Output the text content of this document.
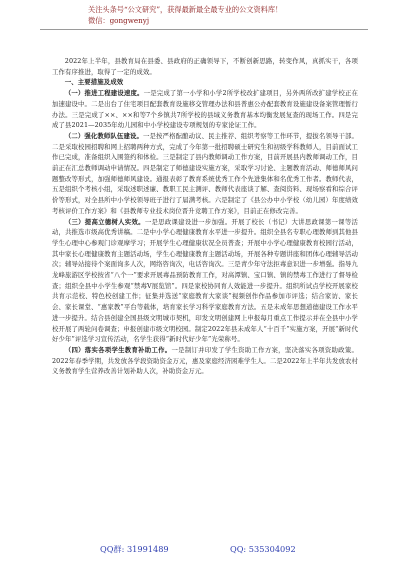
关注头条号“公文研究”，获得最新最全最专业的公文资料库！
微信：gongwenyj

2022年上半年，县教育局在县委、县政府的正确领导下，不断创新思路，转变作风，真抓实干，各项工作有序推进，取得了一定的成效。

一、主要措施及成效

（一）推进工程建设速度。一是完成了第一小学和小学2所学校改扩建项目，另外两所改扩建学校正在加速建设中。二是出台了住宅项目配套教育设施移交管理办法和县普惠公办配套教育设施建设备案管理暂行办法。三是完成了××、××和等7个乡镇共7所学校的县域义务教育基本均衡发展复查的现场工作。四是完成了县2021—2035年幼儿园和中小学校建设专项规划的专家论证工作。

（二）强化教师队伍建设。一是按严格酝酿动议、民主推荐、组织考察等工作环节，提拔名领导干部。二是采取校园招聘和网上招聘两种方式，完成了今年第一批招聘硕士研究生和初级学科教师人，目前面试工作已完成，准备组织入围签约和体检。三是制定了县内教师调动工作方案，目前开展县内教师调动工作，目前正在汇总教师调动申请情况。四是制定了师德建设实施方案，采取学习讨论、主题教育活动、师德师风问题整改等形式，加强师德师风建设。通报表彰了教育系统优秀工作个先进集体和名优秀工作者。教师代表，五是组织个考核小组，采取述职述廉、教职工民主测评、教师代表座谈了解、查阅资料、现场察看和综合评价等形式，对全县所中小学校领导班子进行了届满考核。六是制定了《县公办中小学校（幼儿园）年度绩效考核评价工作方案》和《县教师专业技术岗位晋升竞聘工作方案》，目前正在修改完善。

（三）提高立德树人实效。一是思政课建设进一步加强。开展了校长（书记）大讲思政课第一课等活动，共推选市级高优秀讲稿。二是中小学心理健康教育水平进一步提升。组织全县名专职心理教师到其他县学生心理中心参观门诊观摩学习；开展学生心理健康状况全员普查；开展中小学心理健康教育校园行活动，其中家长心理健康教育主题活动场，学生心理健康教育主题活动场，开展各种专题讲座和团体心理辅导活动次；辅导站接待个案面询多人次，网络咨询次，电话咨询次。三是青少年守法拒毒意识进一步增强。指导九龙峰旅游区学校按省“八个一”要求开展毒品预防教育工作，对高潭镇、宝口镇、镇的禁毒工作进行了督导检查；组织全县中小学生参观“禁毒V展览馆”。四是家校协同育人效能进一步提升。组织所试点学校开展家校共育示范校、特色校创建工作；征集并选送“家庭教育大家谈”视频创作作品参加市评选；结合家访、家长会、家长课堂、“惠家教”平台等载体，培育家长学习科学家庭教育方法。五是未成年思想道德建设工作水平进一步提升。结合县创建全国县级文明城市契机，印发文明创建网上申报每月重点工作提示并在全县中小学校开展了两轮问卷调查；申报创建市级文明校园。制定2022年县未成年人“十百千”实施方案，开展“新时代好少年”评选学习宣传活动，名学生获得“新时代好少年”光荣称号。

（四）落实各项学生教育补助工作。一是制订并印发了学生资助工作方案，坚决落实各项资助政策。2022年春季学期，共发放各学段资助资金万元，惠及家庭经济困难学生人。二是2022年上半年共发放农村义务教育学生营养改善计划补助人次，补助资金万元。

QQ群: 31991489	QQ: 535304092
